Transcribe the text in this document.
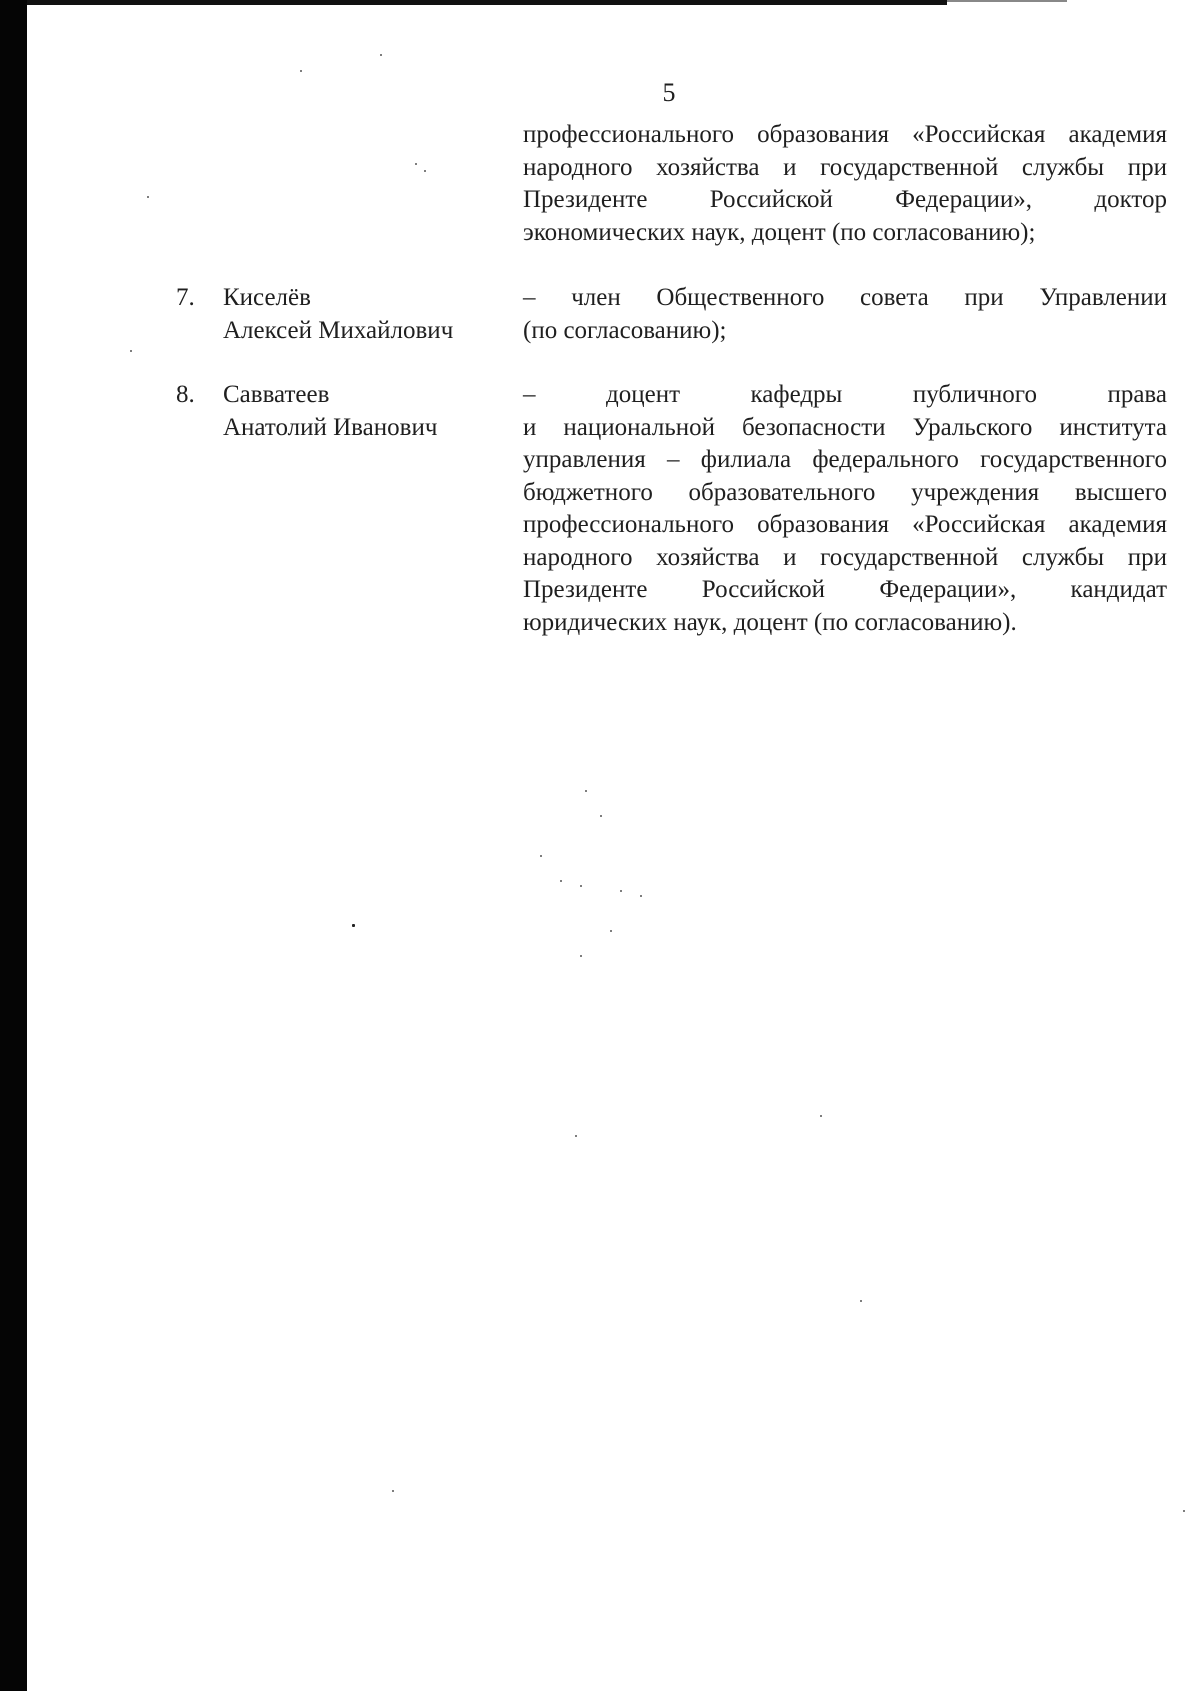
5
профессионального образования «Российская академия
народного хозяйства и государственной службы при
Президенте Российской Федерации», доктор
экономических наук, доцент (по согласованию);
7. Киселёв
Алексей Михайлович
– член Общественного совета при Управлении
(по согласованию);
8. Савватеев
Анатолий Иванович
– доцент кафедры публичного права
и национальной безопасности Уральского института
управления – филиала федерального государственного
бюджетного образовательного учреждения высшего
профессионального образования «Российская академия
народного хозяйства и государственной службы при
Президенте Российской Федерации», кандидат
юридических наук, доцент (по согласованию).
